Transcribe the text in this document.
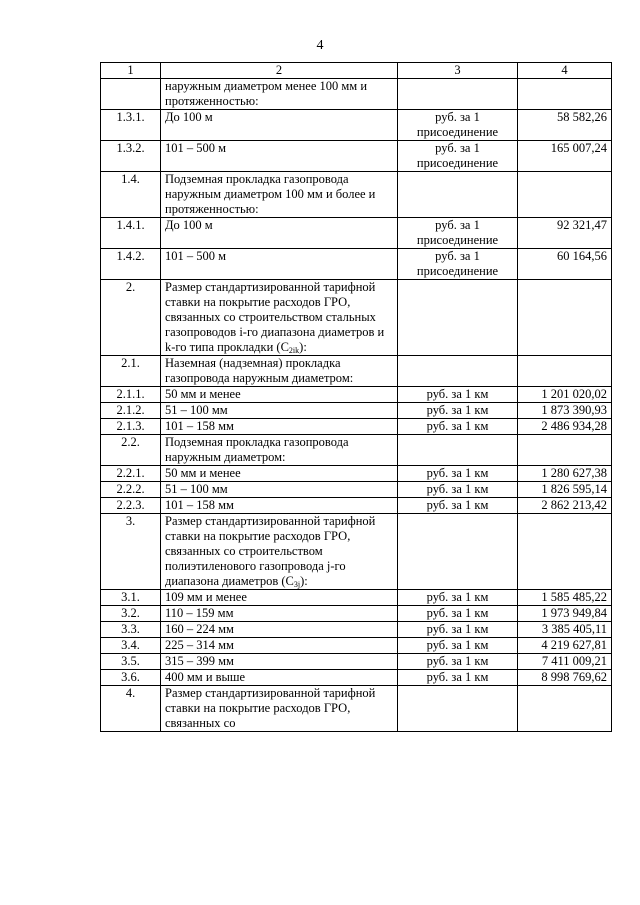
4
1	2	3	4
	наружным диаметром менее 100 мм и протяженностью:		
1.3.1.	До 100 м	руб. за 1 присоединение	58 582,26
1.3.2.	101 – 500 м	руб. за 1 присоединение	165 007,24
1.4.	Подземная прокладка газопровода наружным диаметром 100 мм и более и протяженностью:		
1.4.1.	До 100 м	руб. за 1 присоединение	92 321,47
1.4.2.	101 – 500 м	руб. за 1 присоединение	60 164,56
2.	Размер стандартизированной тарифной ставки на покрытие расходов ГРО, связанных со строительством стальных газопроводов i-го диапазона диаметров и k-го типа прокладки $(C_{2ik})$:		
2.1.	Наземная (надземная) прокладка газопровода наружным диаметром:		
2.1.1.	50 мм и менее	руб. за 1 км	1 201 020,02
2.1.2.	51 – 100 мм	руб. за 1 км	1 873 390,93
2.1.3.	101 – 158 мм	руб. за 1 км	2 486 934,28
2.2.	Подземная прокладка газопровода наружным диаметром:		
2.2.1.	50 мм и менее	руб. за 1 км	1 280 627,38
2.2.2.	51 – 100 мм	руб. за 1 км	1 826 595,14
2.2.3.	101 – 158 мм	руб. за 1 км	2 862 213,42
3.	Размер стандартизированной тарифной ставки на покрытие расходов ГРО, связанных со строительством полиэтиленового газопровода j-го диапазона диаметров $(C_{3j})$:		
3.1.	109 мм и менее	руб. за 1 км	1 585 485,22
3.2.	110 – 159 мм	руб. за 1 км	1 973 949,84
3.3.	160 – 224 мм	руб. за 1 км	3 385 405,11
3.4.	225 – 314 мм	руб. за 1 км	4 219 627,81
3.5.	315 – 399 мм	руб. за 1 км	7 411 009,21
3.6.	400 мм и выше	руб. за 1 км	8 998 769,62
4.	Размер стандартизированной тарифной ставки на покрытие расходов ГРО, связанных со		
